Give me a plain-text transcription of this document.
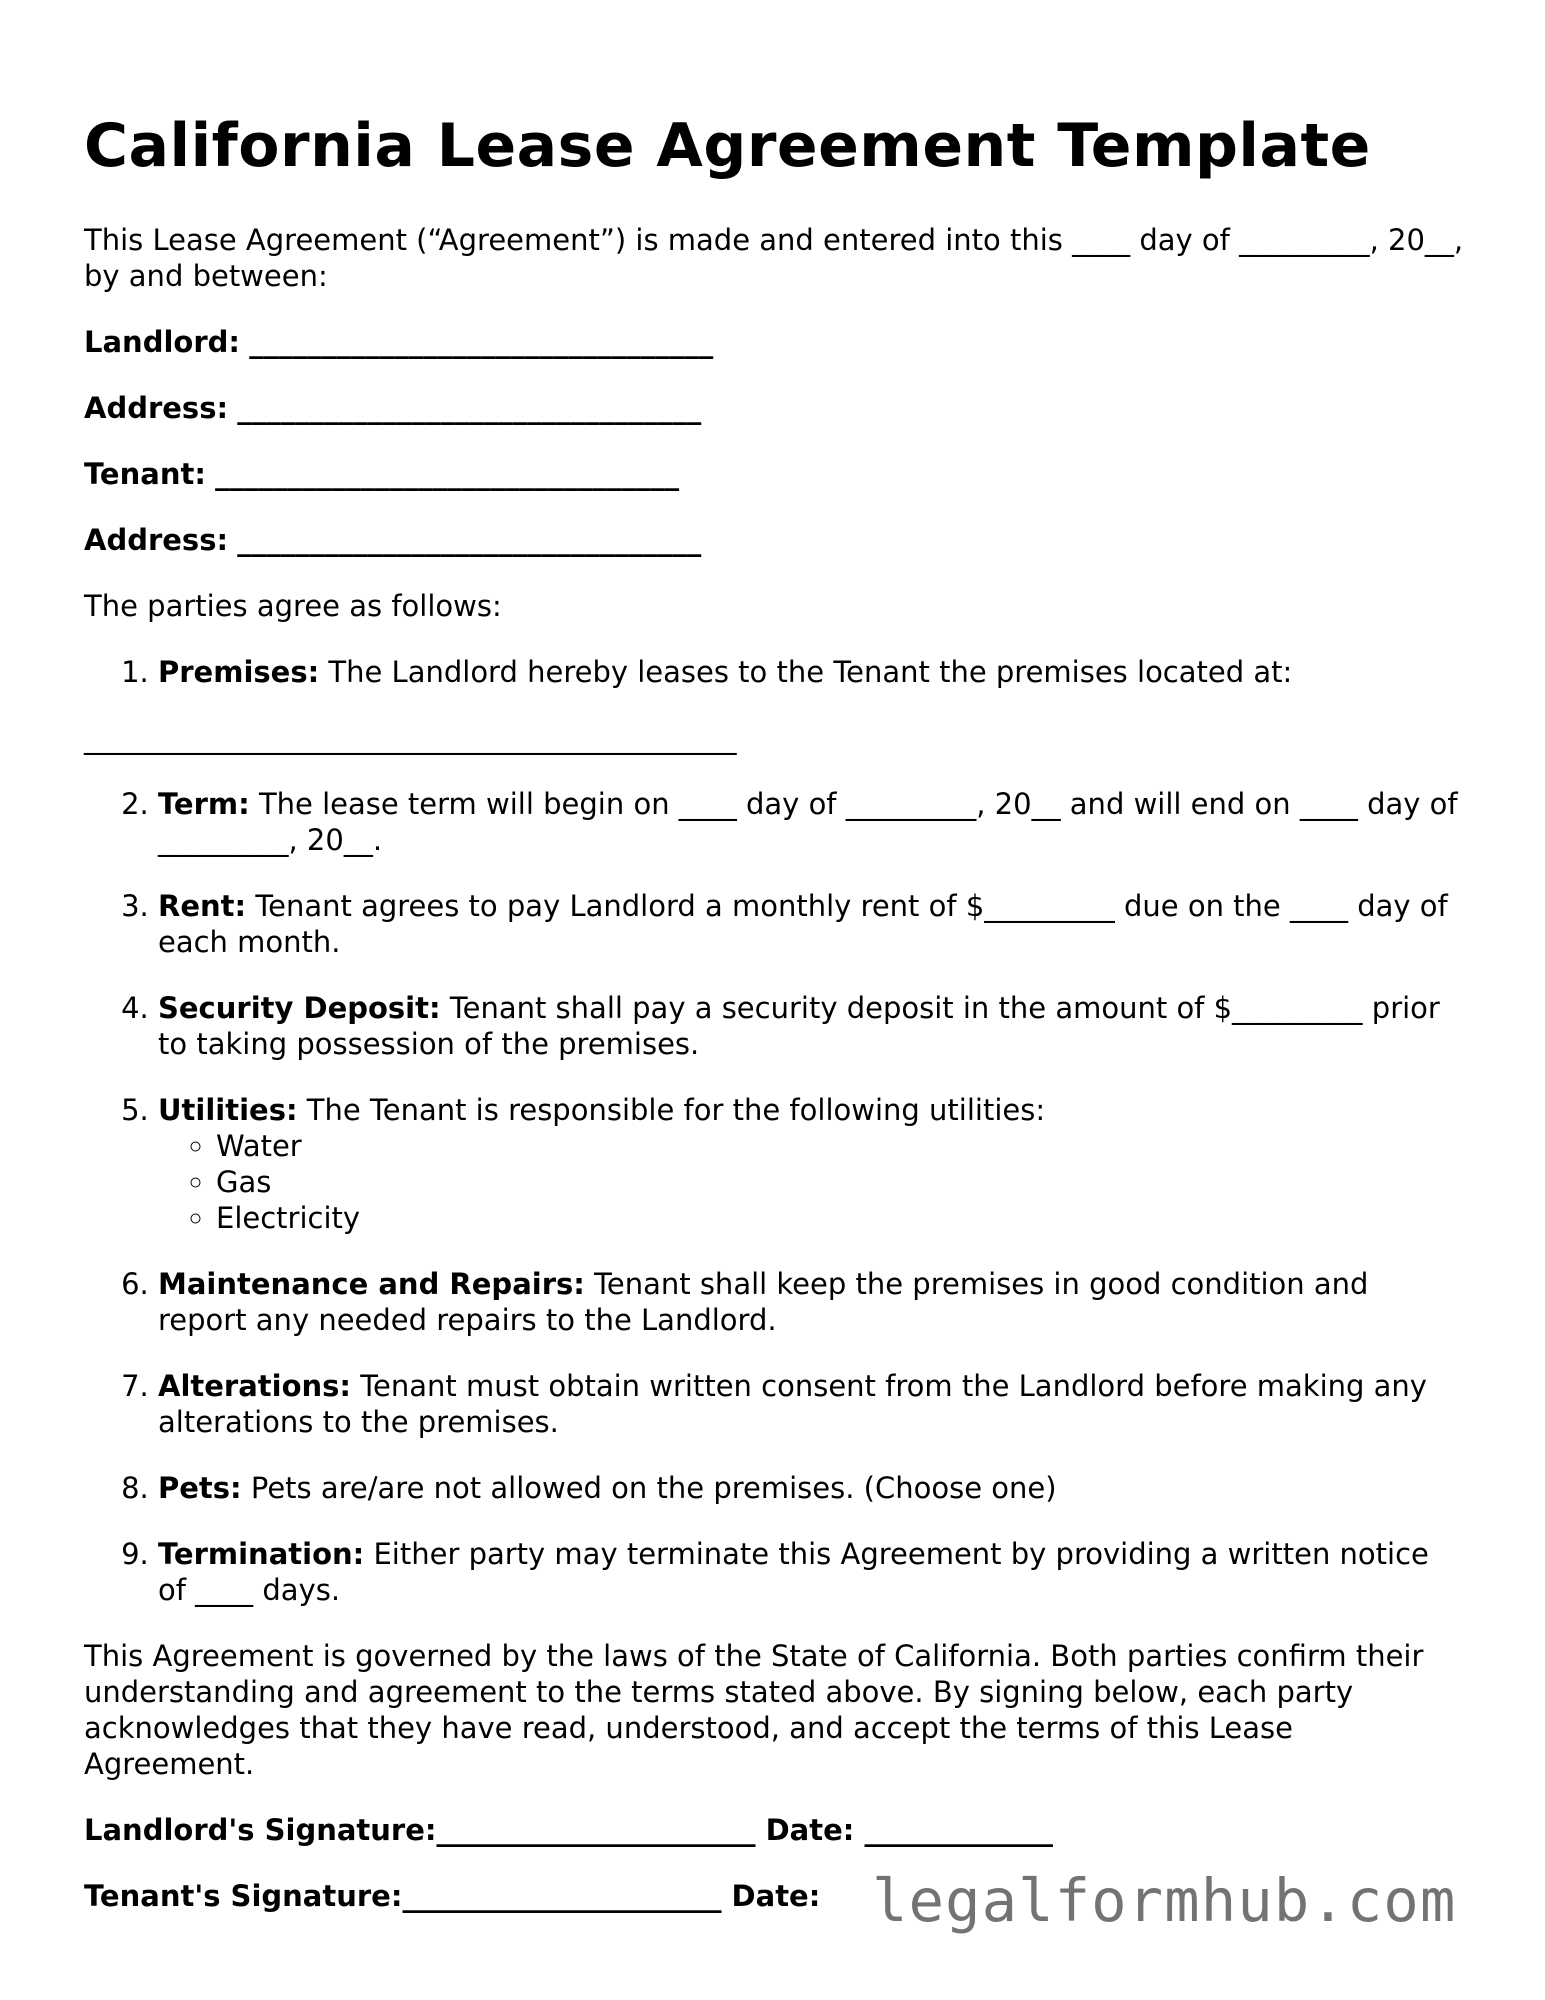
California Lease Agreement Template

This Lease Agreement (“Agreement”) is made and entered into this ____ day of _________, 20__, by and between:

Landlord: ________________________________
Address: ________________________________
Tenant: ________________________________
Address: ________________________________

The parties agree as follows:

1. Premises: The Landlord hereby leases to the Tenant the premises located at:
_____________________________________________
2. Term: The lease term will begin on ____ day of _________, 20__ and will end on ____ day of _________, 20__.
3. Rent: Tenant agrees to pay Landlord a monthly rent of $_________ due on the ____ day of each month.
4. Security Deposit: Tenant shall pay a security deposit in the amount of $_________ prior to taking possession of the premises.
5. Utilities: The Tenant is responsible for the following utilities:
◦ Water
◦ Gas
◦ Electricity
6. Maintenance and Repairs: Tenant shall keep the premises in good condition and report any needed repairs to the Landlord.
7. Alterations: Tenant must obtain written consent from the Landlord before making any alterations to the premises.
8. Pets: Pets are/are not allowed on the premises. (Choose one)
9. Termination: Either party may terminate this Agreement by providing a written notice of ____ days.

This Agreement is governed by the laws of the State of California. Both parties confirm their understanding and agreement to the terms stated above. By signing below, each party acknowledges that they have read, understood, and accept the terms of this Lease Agreement.

Landlord's Signature:______________________ Date: _____________
Tenant's Signature:______________________ Date: legalformhub.com
